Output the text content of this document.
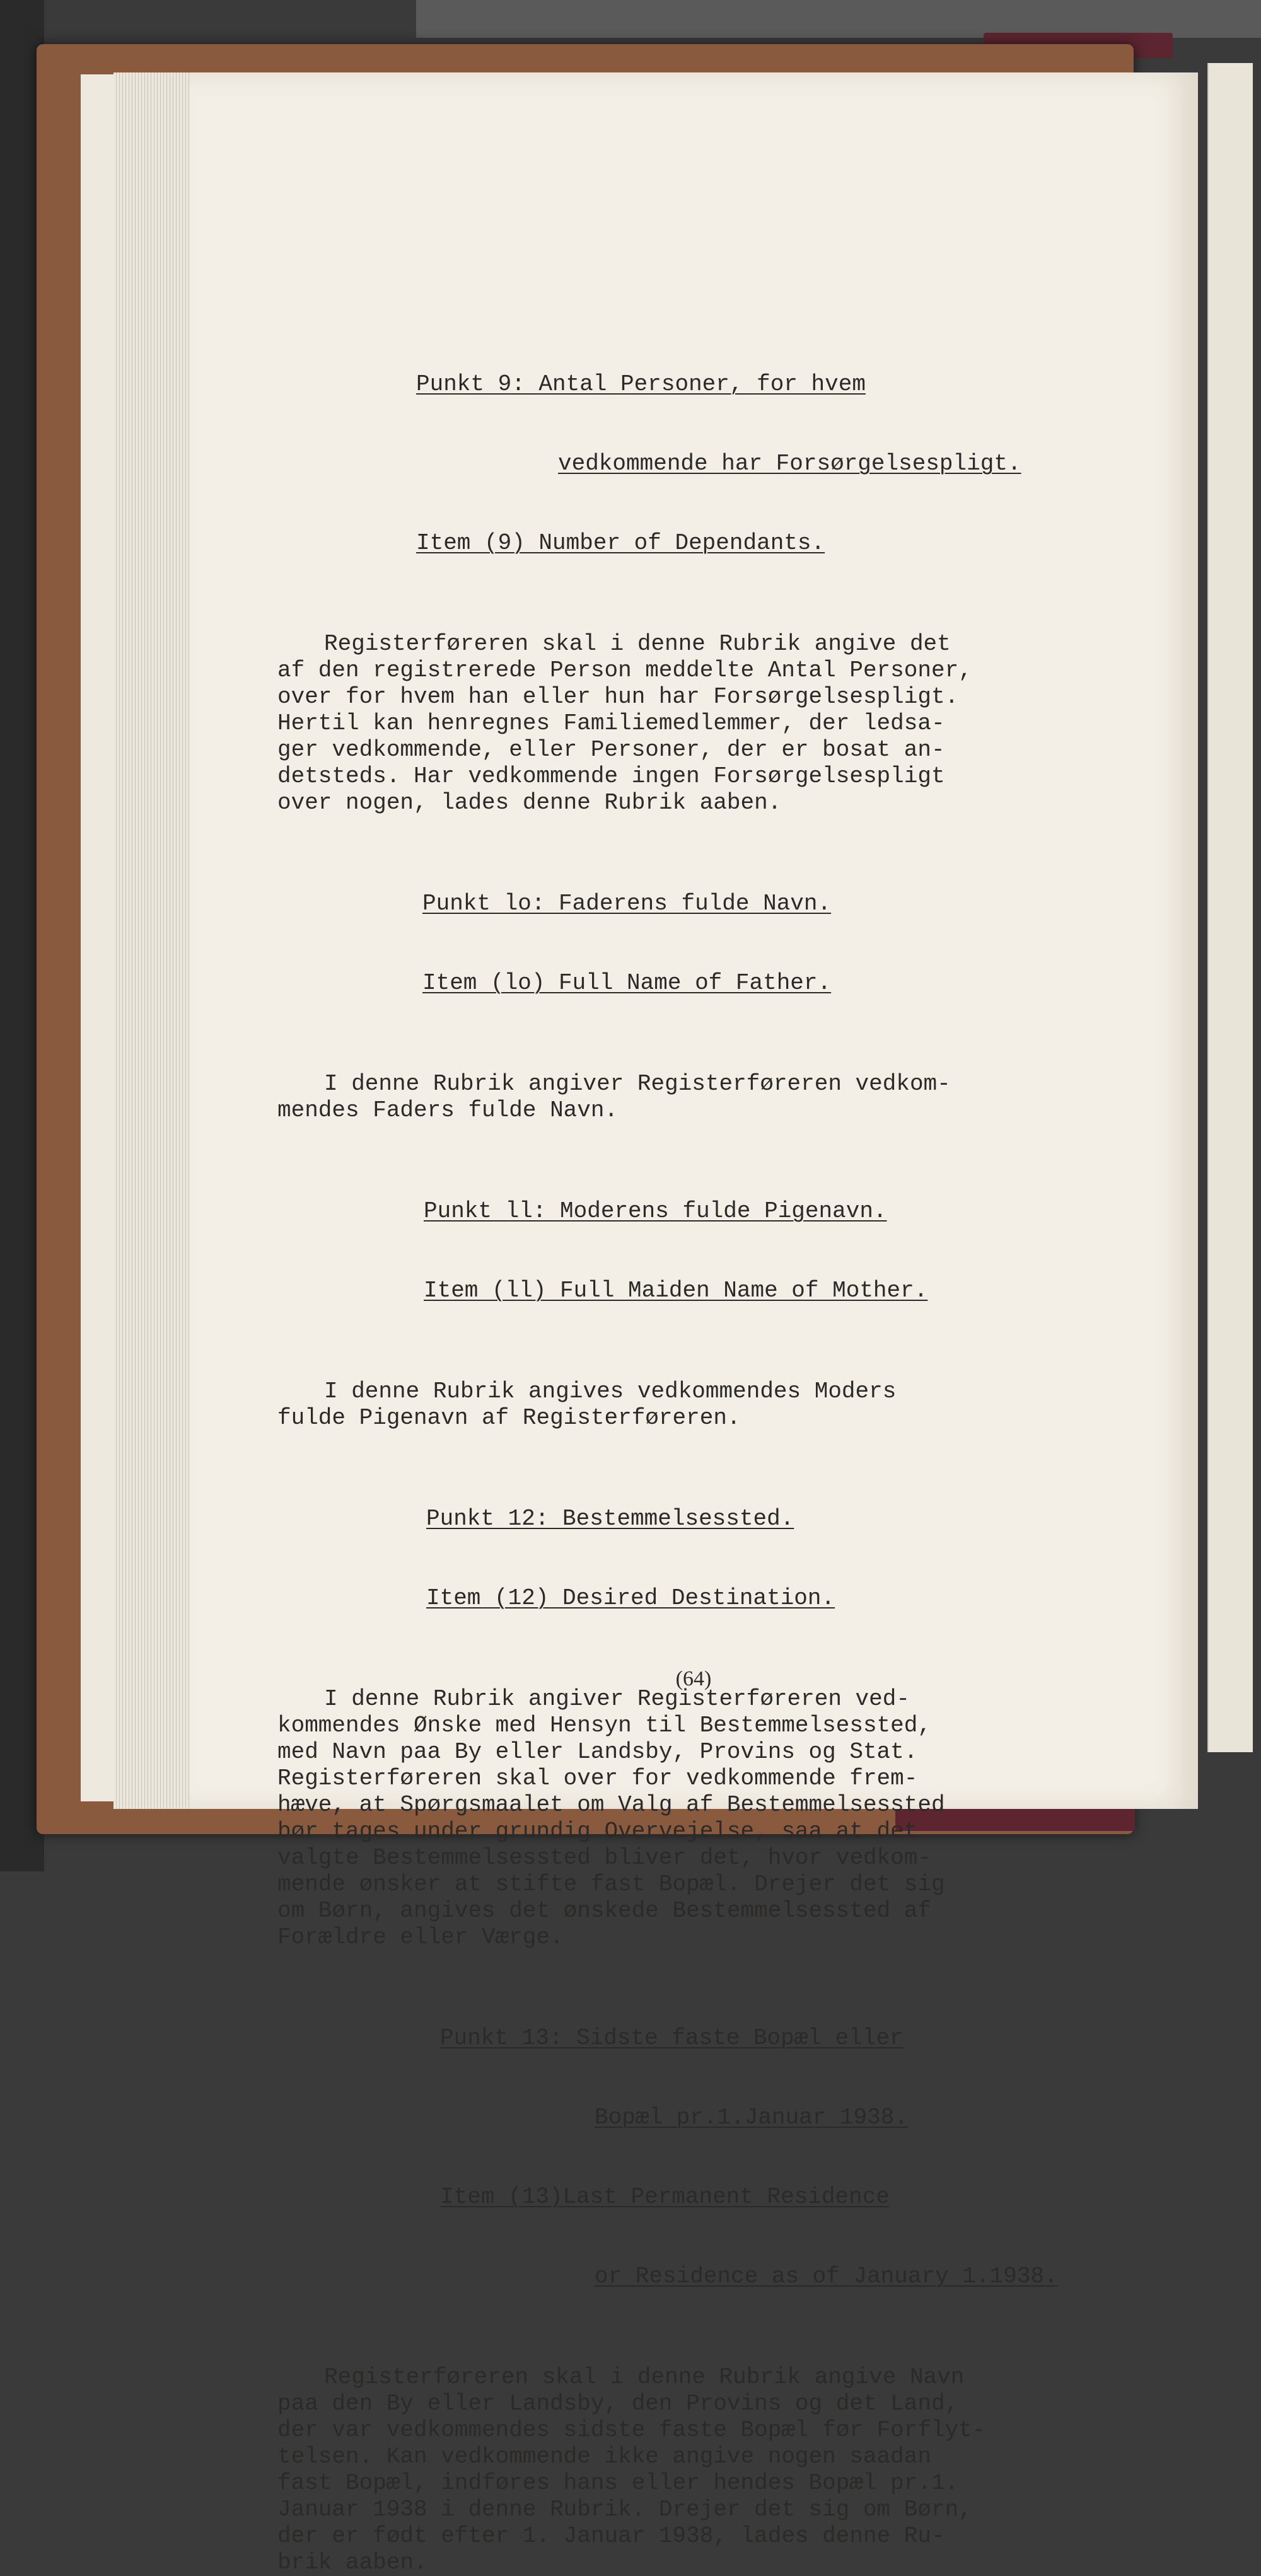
Punkt 9: Antal Personer, for hvem

vedkommende har Forsørgelsespligt.

Item (9) Number of Dependants.

Registerføreren skal i denne Rubrik angive det
af den registrerede Person meddelte Antal Personer,
over for hvem han eller hun har Forsørgelsespligt.
Hertil kan henregnes Familiemedlemmer, der ledsa-
ger vedkommende, eller Personer, der er bosat an-
detsteds. Har vedkommende ingen Forsørgelsespligt
over nogen, lades denne Rubrik aaben.

Punkt lo: Faderens fulde Navn.

Item (lo) Full Name of Father.

I denne Rubrik angiver Registerføreren vedkom-
mendes Faders fulde Navn.

Punkt ll: Moderens fulde Pigenavn.

Item (ll) Full Maiden Name of Mother.

I denne Rubrik angives vedkommendes Moders
fulde Pigenavn af Registerføreren.

Punkt 12: Bestemmelsessted.

Item (12) Desired Destination.

I denne Rubrik angiver Registerføreren ved-
kommendes Ønske med Hensyn til Bestemmelsessted,
med Navn paa By eller Landsby, Provins og Stat.
Registerføreren skal over for vedkommende frem-
hæve, at Spørgsmaalet om Valg af Bestemmelsessted
bør tages under grundig Overvejelse, saa at det
valgte Bestemmelsessted bliver det, hvor vedkom-
mende ønsker at stifte fast Bopæl. Drejer det sig
om Børn, angives det ønskede Bestemmelsessted af
Forældre eller Værge.

Punkt 13: Sidste faste Bopæl eller

Bopæl pr.1.Januar 1938.

Item (13)Last Permanent Residence

or Residence as of January 1.1938.

Registerføreren skal i denne Rubrik angive Navn
paa den By eller Landsby, den Provins og det Land,
der var vedkommendes sidste faste Bopæl før Forflyt-
telsen. Kan vedkommende ikke angive nogen saadan
fast Bopæl, indføres hans eller hendes Bopæl pr.1.
Januar 1938 i denne Rubrik. Drejer det sig om Børn,
der er født efter 1. Januar 1938, lades denne Ru-
brik aaben.
(64)
